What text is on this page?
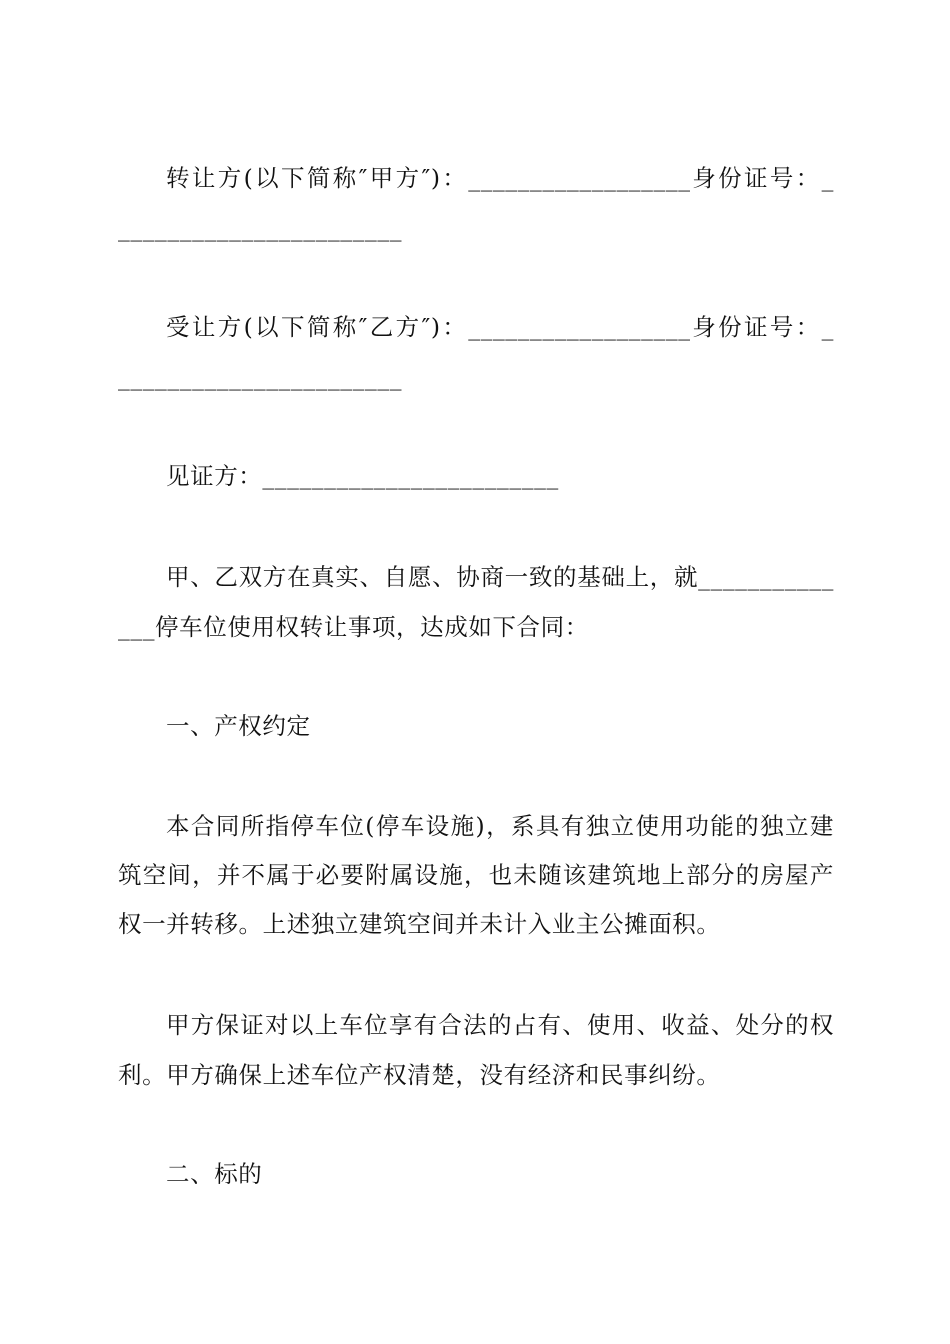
转让方(以下简称″甲方″)：__________________身份证号：_
_______________________
受让方(以下简称″乙方″)：__________________身份证号：_
_______________________
见证方：________________________
甲、乙双方在真实、自愿、协商一致的基础上，就___________
___停车位使用权转让事项，达成如下合同：
一、产权约定
本合同所指停车位(停车设施)，系具有独立使用功能的独立建
筑空间，并不属于必要附属设施，也未随该建筑地上部分的房屋产
权一并转移。上述独立建筑空间并未计入业主公摊面积。
甲方保证对以上车位享有合法的占有、使用、收益、处分的权
利。甲方确保上述车位产权清楚，没有经济和民事纠纷。
二、标的
